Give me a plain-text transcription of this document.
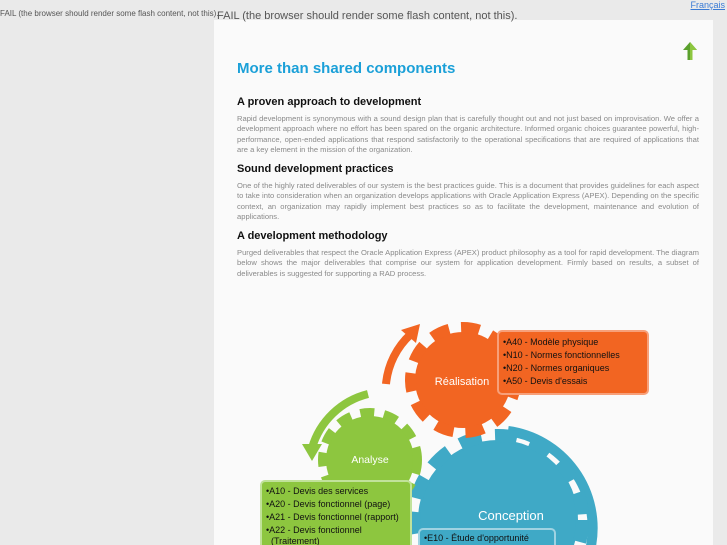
Français
FAIL (the browser should render some flash content, not this).
More than shared components
A proven approach to development

Rapid development is synonymous with a sound design plan that is carefully thought out and not just based on improvisation. We offer a development approach where no effort has been spared on the organic architecture. Informed organic choices guarantee powerful, high-performance, open-ended applications that respond satisfactorily to the operational specifications that are required of applications that are a key element in the mission of the organization.

Sound development practices

One of the highly rated deliverables of our system is the best practices guide. This is a document that provides guidelines for each aspect to take into consideration when an organization develops applications with Oracle Application Express (APEX). Depending on the specific context, an organization may rapidly implement best practices so as to facilitate the development, maintenance and evolution of applications.

A development methodology

Purged deliverables that respect the Oracle Application Express (APEX) product philosophy as a tool for rapid development. The diagram below shows the major deliverables that comprise our system for application development. Firmly based on results, a subset of deliverables is suggested for supporting a RAD process.

Conception
Analyse
Réalisation
•A40 - Modèle physique
•N10 - Normes fonctionnelles
•N20 - Normes organiques
•A50 - Devis d'essais
•A10 - Devis des services
•A20 - Devis fonctionnel (page)
•A21 - Devis fonctionnel (rapport)
•A22 - Devis fonctionnel
(Traitement)	•E10 - Étude d'opportunité
FAIL (the browser should render some flash content, not this).
